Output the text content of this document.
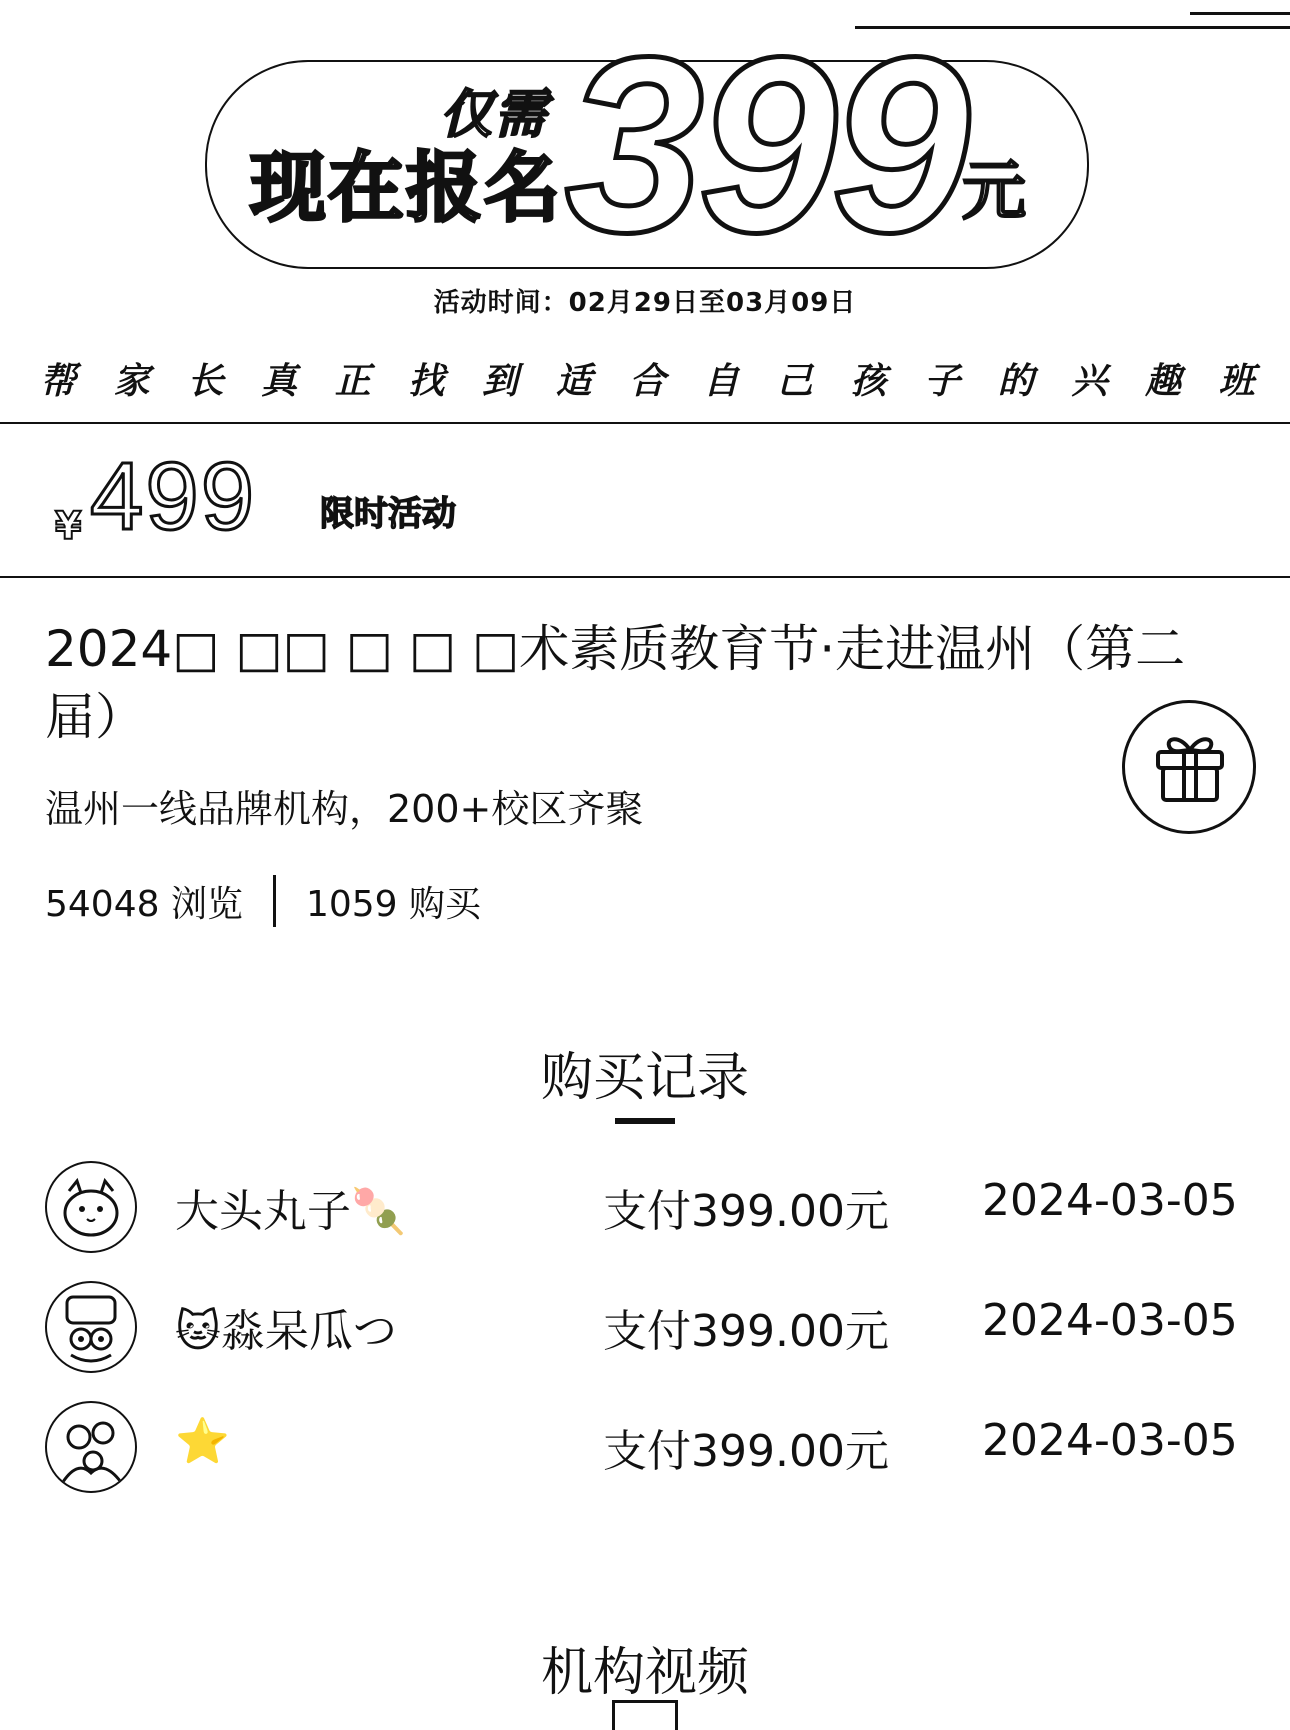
仅需
现在报名 399
元
活动时间：02月29日至03月09日
帮 家 长 真 正 找 到 适 合 自 己 孩 子 的 兴 趣 班
¥ 499 限时活动
2024□ □□ □ □ □术素质教育节·走进温州（第二届）
温州一线品牌机构，200+校区齐聚
54048 浏览 1059 购买
购买记录
大头丸子🍡	支付399.00元 2024-03-05
🐱淼呆瓜つ	支付399.00元 2024-03-05
⭐	支付399.00元 2024-03-05
机构视频
